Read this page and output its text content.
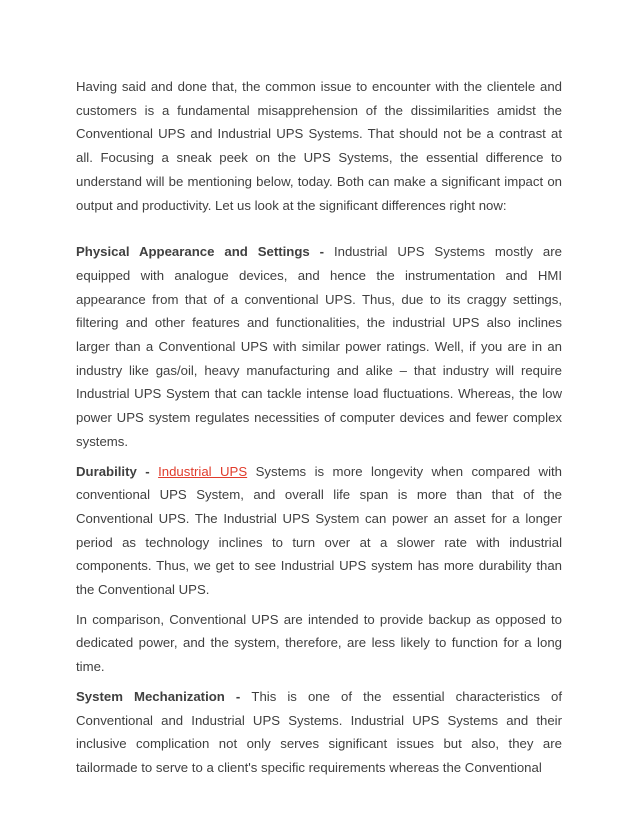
Having said and done that, the common issue to encounter with the clientele and customers is a fundamental misapprehension of the dissimilarities amidst the Conventional UPS and Industrial UPS Systems. That should not be a contrast at all. Focusing a sneak peek on the UPS Systems, the essential difference to understand will be mentioning below, today. Both can make a significant impact on output and productivity. Let us look at the significant differences right now:

Physical Appearance and Settings - Industrial UPS Systems mostly are equipped with analogue devices, and hence the instrumentation and HMI appearance from that of a conventional UPS. Thus, due to its craggy settings, filtering and other features and functionalities, the industrial UPS also inclines larger than a Conventional UPS with similar power ratings. Well, if you are in an industry like gas/oil, heavy manufacturing and alike – that industry will require Industrial UPS System that can tackle intense load fluctuations. Whereas, the low power UPS system regulates necessities of computer devices and fewer complex systems.

Durability - Industrial UPS Systems is more longevity when compared with conventional UPS System, and overall life span is more than that of the Conventional UPS. The Industrial UPS System can power an asset for a longer period as technology inclines to turn over at a slower rate with industrial components. Thus, we get to see Industrial UPS system has more durability than the Conventional UPS.

In comparison, Conventional UPS are intended to provide backup as opposed to dedicated power, and the system, therefore, are less likely to function for a long time.

System Mechanization - This is one of the essential characteristics of Conventional and Industrial UPS Systems. Industrial UPS Systems and their inclusive complication not only serves significant issues but also, they are tailormade to serve to a client's specific requirements whereas the Conventional
